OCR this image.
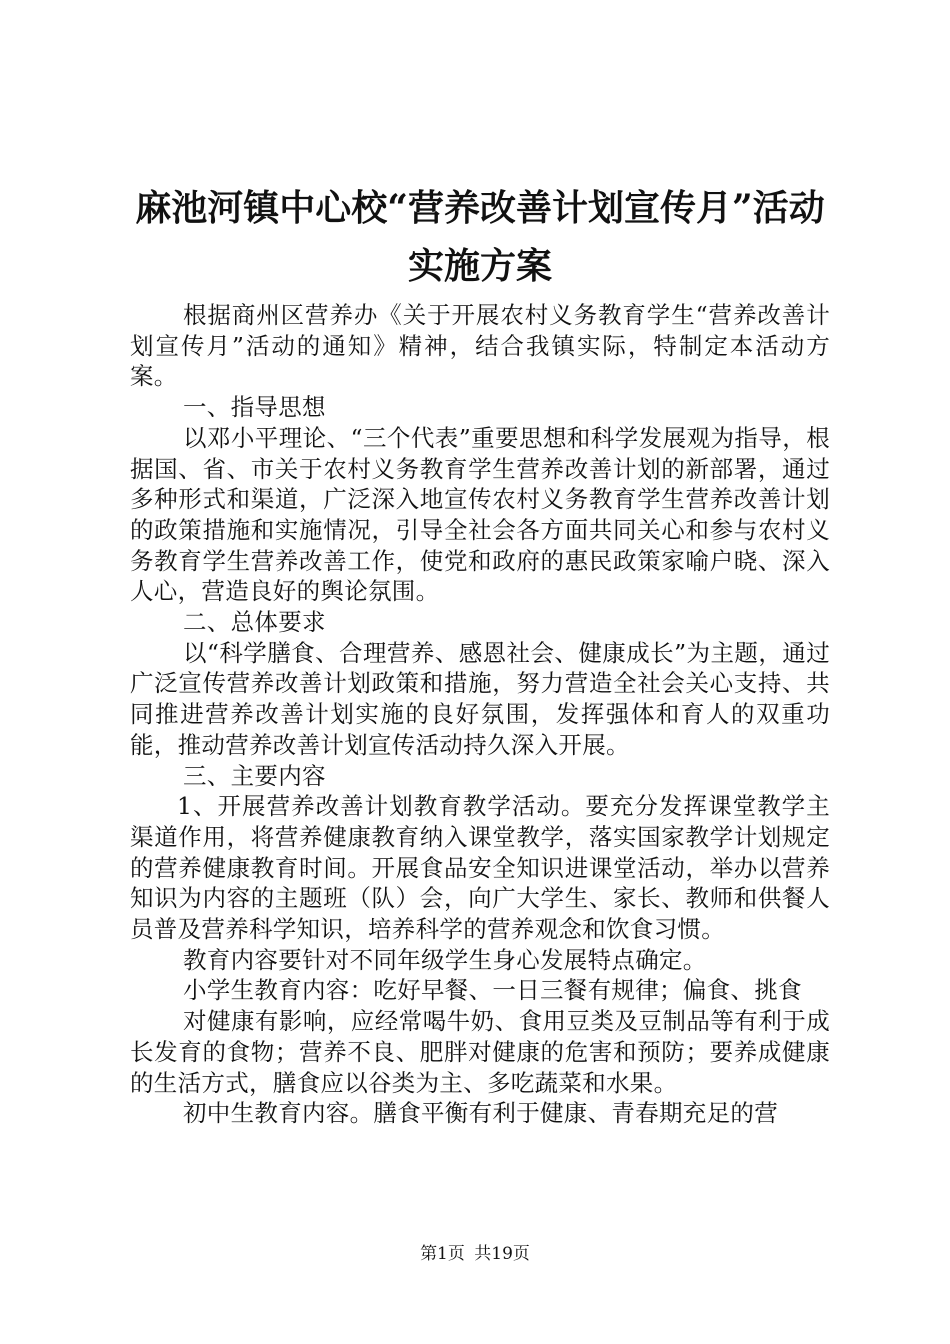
麻池河镇中心校“营养改善计划宣传月”活动
实施方案

根据商州区营养办《关于开展农村义务教育学生“营养改善计划宣传月”活动的通知》精神，结合我镇实际，特制定本活动方案。

一、指导思想

以邓小平理论、“三个代表”重要思想和科学发展观为指导，根据国、省、市关于农村义务教育学生营养改善计划的新部署，通过多种形式和渠道，广泛深入地宣传农村义务教育学生营养改善计划的政策措施和实施情况，引导全社会各方面共同关心和参与农村义务教育学生营养改善工作，使党和政府的惠民政策家喻户晓、深入人心，营造良好的舆论氛围。

二、总体要求

以“科学膳食、合理营养、感恩社会、健康成长”为主题，通过广泛宣传营养改善计划政策和措施，努力营造全社会关心支持、共同推进营养改善计划实施的良好氛围，发挥强体和育人的双重功能，推动营养改善计划宣传活动持久深入开展。

三、主要内容

1、开展营养改善计划教育教学活动。要充分发挥课堂教学主渠道作用，将营养健康教育纳入课堂教学，落实国家教学计划规定的营养健康教育时间。开展食品安全知识进课堂活动，举办以营养知识为内容的主题班（队）会，向广大学生、家长、教师和供餐人员普及营养科学知识，培养科学的营养观念和饮食习惯。

教育内容要针对不同年级学生身心发展特点确定。

小学生教育内容：吃好早餐、一日三餐有规律；偏食、挑食

对健康有影响，应经常喝牛奶、食用豆类及豆制品等有利于成长发育的食物；营养不良、肥胖对健康的危害和预防；要养成健康的生活方式，膳食应以谷类为主、多吃蔬菜和水果。

初中生教育内容。膳食平衡有利于健康、青春期充足的营

第1页 共19页
